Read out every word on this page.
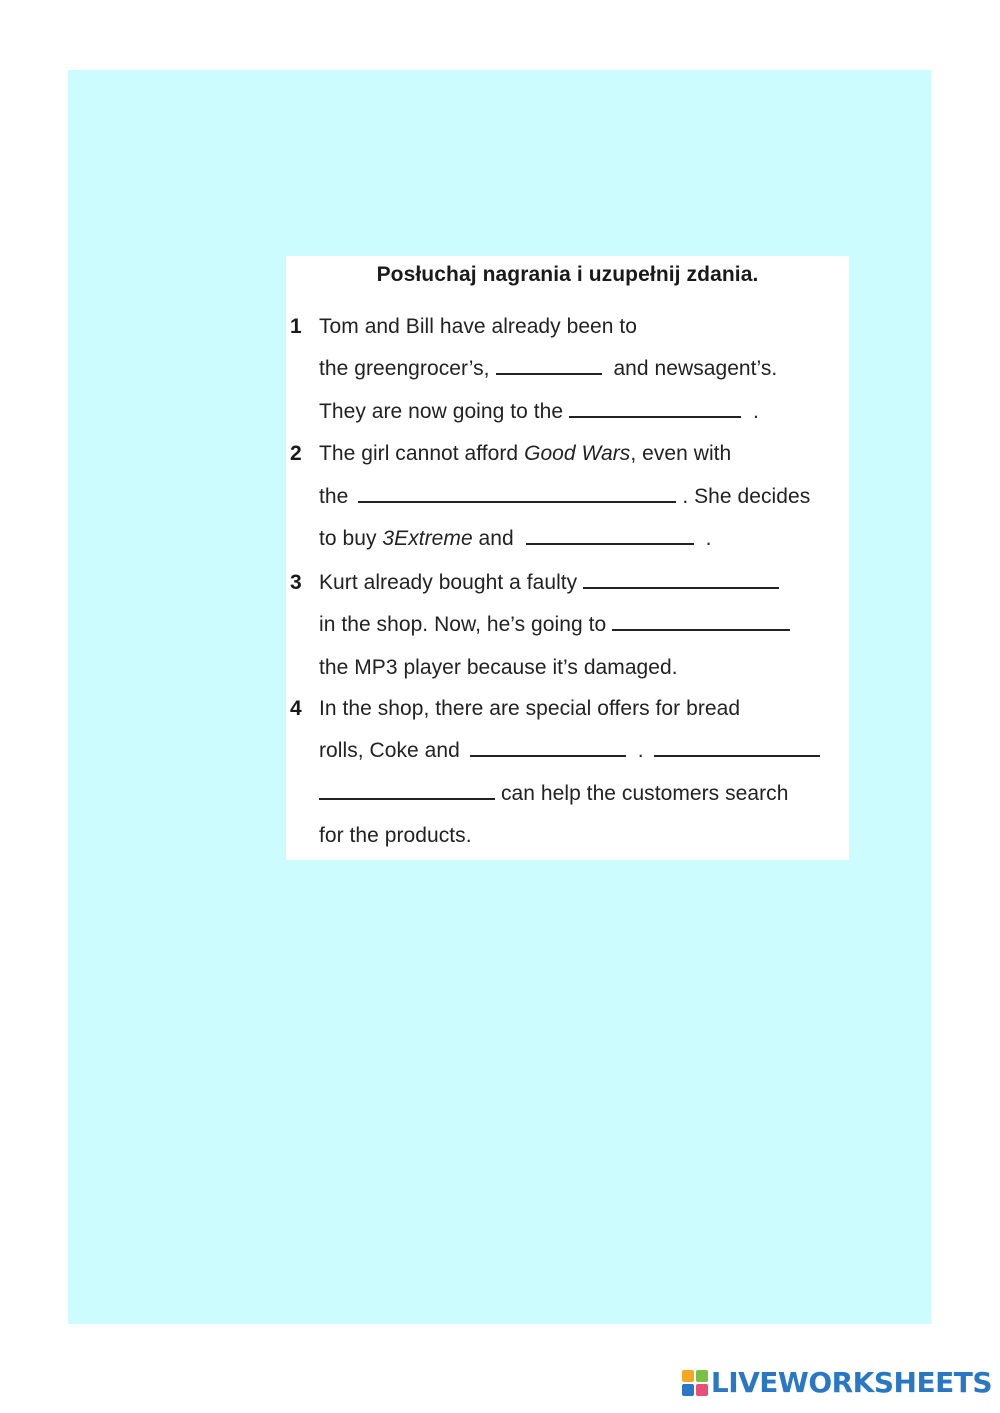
Posłuchaj nagrania i uzupełnij zdania.
1 Tom and Bill have already been to
the greengrocer’s,	and newsagent’s.
They are now going to the	.
2 The girl cannot afford Good Wars , even with
the	. She decides
to buy 3Extreme and	.
3 Kurt already bought a faulty
in the shop. Now, he’s going to
the MP3 player because it’s damaged.
4 In the shop, there are special offers for bread
rolls, Coke and	.
can help the customers search
for the products.
LIVEWORKSHEETS
